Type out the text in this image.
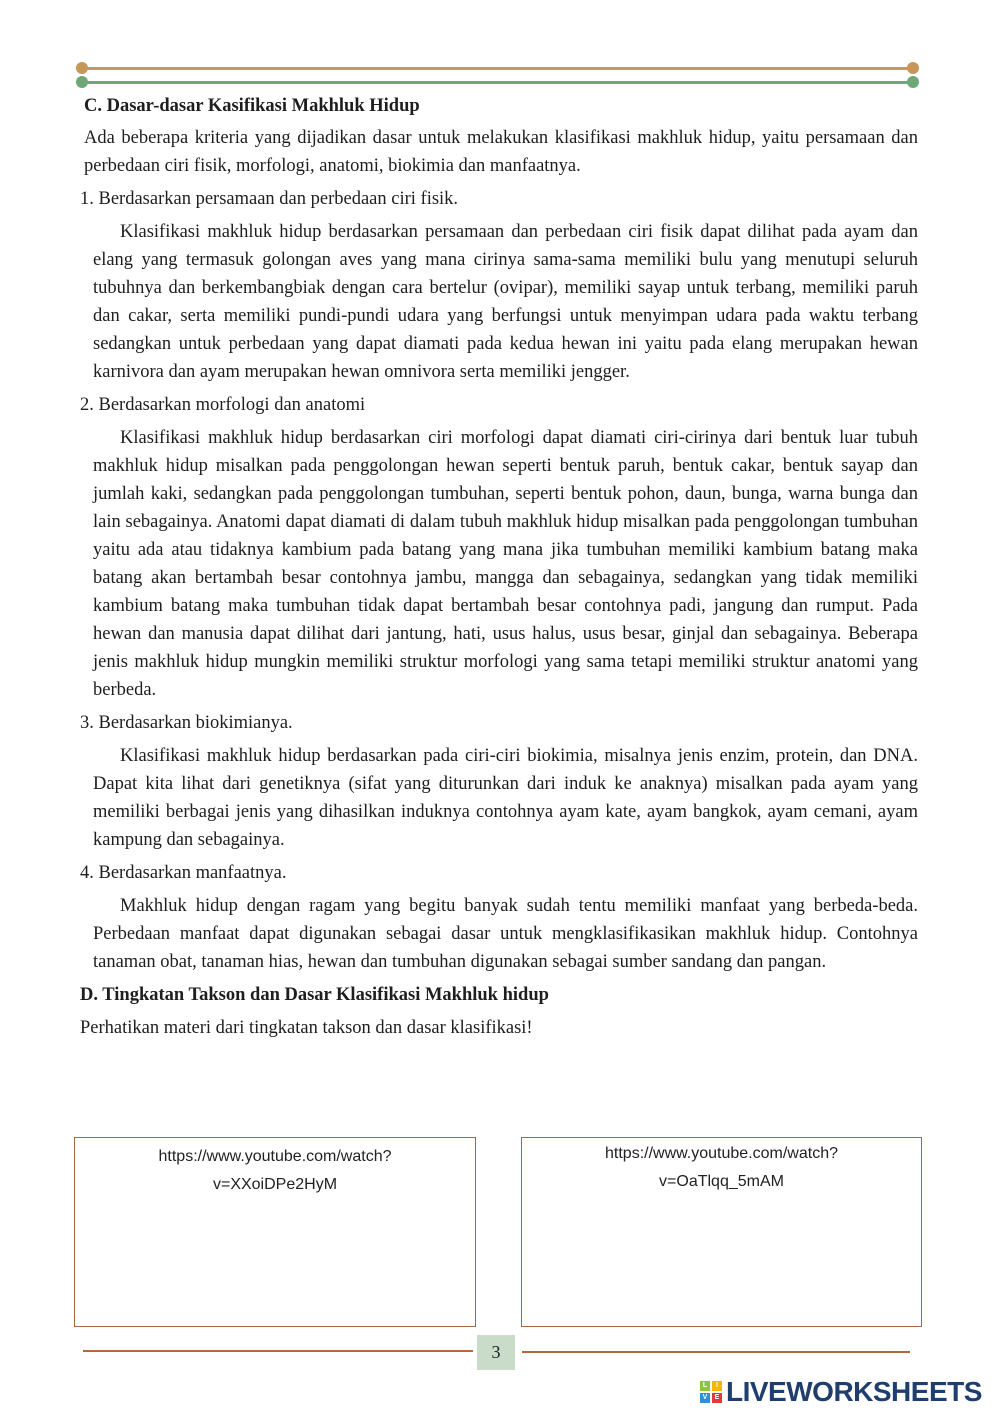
C. Dasar-dasar Kasifikasi Makhluk Hidup

Ada beberapa kriteria yang dijadikan dasar untuk melakukan klasifikasi makhluk hidup, yaitu persamaan dan perbedaan ciri fisik, morfologi, anatomi, biokimia dan manfaatnya.

1. Berdasarkan persamaan dan perbedaan ciri fisik.

Klasifikasi makhluk hidup berdasarkan persamaan dan perbedaan ciri fisik dapat dilihat pada ayam dan elang yang termasuk golongan aves yang mana cirinya sama-sama memiliki bulu yang menutupi seluruh tubuhnya dan berkembangbiak dengan cara bertelur (ovipar), memiliki sayap untuk terbang, memiliki paruh dan cakar, serta memiliki pundi-pundi udara yang berfungsi untuk menyimpan udara pada waktu terbang sedangkan untuk perbedaan yang dapat diamati pada kedua hewan ini yaitu pada elang merupakan hewan karnivora dan ayam merupakan hewan omnivora serta memiliki jengger.

2. Berdasarkan morfologi dan anatomi

Klasifikasi makhluk hidup berdasarkan ciri morfologi dapat diamati ciri-cirinya dari bentuk luar tubuh makhluk hidup misalkan pada penggolongan hewan seperti bentuk paruh, bentuk cakar, bentuk sayap dan jumlah kaki, sedangkan pada penggolongan tumbuhan, seperti bentuk pohon, daun, bunga, warna bunga dan lain sebagainya. Anatomi dapat diamati di dalam tubuh makhluk hidup misalkan pada penggolongan tumbuhan yaitu ada atau tidaknya kambium pada batang yang mana jika tumbuhan memiliki kambium batang maka batang akan bertambah besar contohnya jambu, mangga dan sebagainya, sedangkan yang tidak memiliki kambium batang maka tumbuhan tidak dapat bertambah besar contohnya padi, jangung dan rumput. Pada hewan dan manusia dapat dilihat dari jantung, hati, usus halus, usus besar, ginjal dan sebagainya. Beberapa jenis makhluk hidup mungkin memiliki struktur morfologi yang sama tetapi memiliki struktur anatomi yang berbeda.

3. Berdasarkan biokimianya.

Klasifikasi makhluk hidup berdasarkan pada ciri-ciri biokimia, misalnya jenis enzim, protein, dan DNA. Dapat kita lihat dari genetiknya (sifat yang diturunkan dari induk ke anaknya) misalkan pada ayam yang memiliki berbagai jenis yang dihasilkan induknya contohnya ayam kate, ayam bangkok, ayam cemani, ayam kampung dan sebagainya.

4. Berdasarkan manfaatnya.

Makhluk hidup dengan ragam yang begitu banyak sudah tentu memiliki manfaat yang berbeda-beda. Perbedaan manfaat dapat digunakan sebagai dasar untuk mengklasifikasikan makhluk hidup. Contohnya tanaman obat, tanaman hias, hewan dan tumbuhan digunakan sebagai sumber sandang dan pangan.

D. Tingkatan Takson dan Dasar Klasifikasi Makhluk hidup
Perhatikan materi dari tingkatan takson dan dasar klasifikasi!
https://www.youtube.com/watch?
v=XXoiDPe2HyM
https://www.youtube.com/watch?
v=OaTlqq_5mAM
3
L	I
V	E LIVEWORKSHEETS
